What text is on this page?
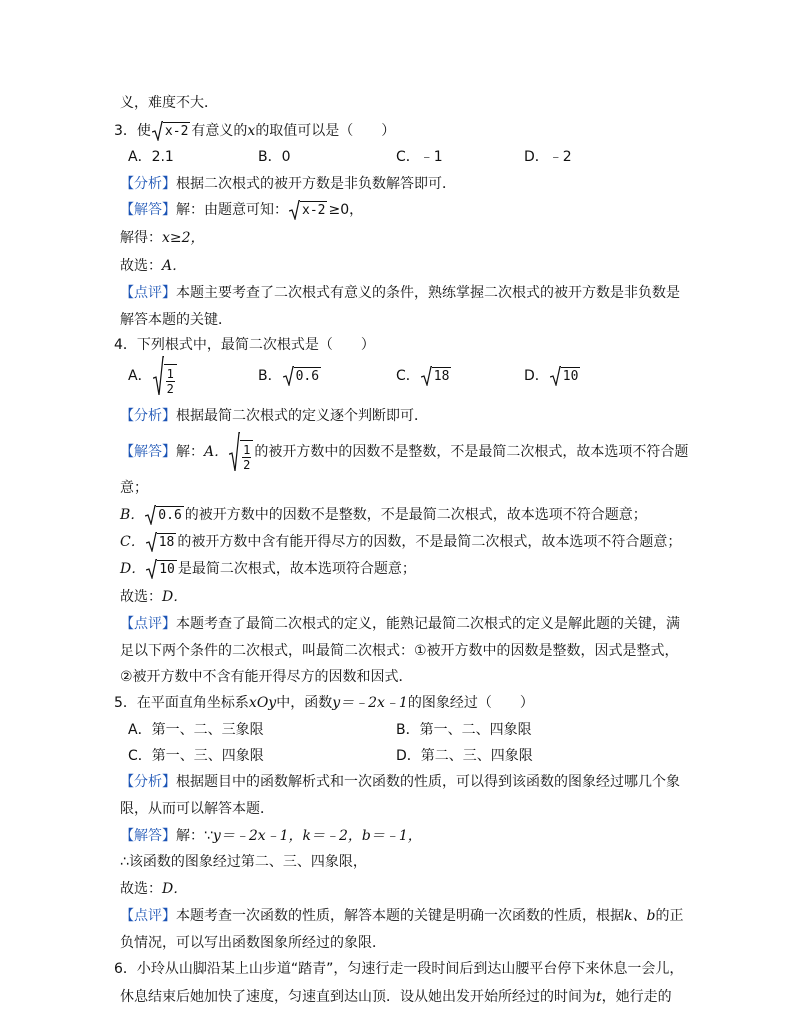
义，难度不大．
3．使 x-2 有意义的x的取值可以是（　　）
A．2.1	B．0	C．﹣1	D．﹣2
【分析】根据二次根式的被开方数是非负数解答即可．
【解答】解：由题意可知： x-2 ≥0，
解得：x≥2，
故选：A．
【点评】本题主要考查了二次根式有意义的条件，熟练掌握二次根式的被开方数是非负数是
解答本题的关键．
4．下列根式中，最简二次根式是（　　）
A． $\frac{1}{2}$	B． 0.6	C． 18	D． 10
【分析】根据最简二次根式的定义逐个判断即可．
【解答】解：A． $\frac{1}{2}$ 的被开方数中的因数不是整数，不是最简二次根式，故本选项不符合题
意；
B． 0.6 的被开方数中的因数不是整数，不是最简二次根式，故本选项不符合题意；
C． 18 的被开方数中含有能开得尽方的因数，不是最简二次根式，故本选项不符合题意；
D． 10 是最简二次根式，故本选项符合题意；
故选：D．
【点评】本题考查了最简二次根式的定义，能熟记最简二次根式的定义是解此题的关键，满
足以下两个条件的二次根式，叫最简二次根式：①被开方数中的因数是整数，因式是整式，
②被开方数中不含有能开得尽方的因数和因式．
5．在平面直角坐标系xOy中，函数y＝﹣2x﹣1的图象经过（　　）
A．第一、二、三象限	B．第一、二、四象限
C．第一、三、四象限	D．第二、三、四象限
【分析】根据题目中的函数解析式和一次函数的性质，可以得到该函数的图象经过哪几个象
限，从而可以解答本题．
【解答】解：∵y＝﹣2x﹣1，k＝﹣2，b＝﹣1，
∴该函数的图象经过第二、三、四象限，
故选：D．
【点评】本题考查一次函数的性质，解答本题的关键是明确一次函数的性质，根据k、b的正
负情况，可以写出函数图象所经过的象限．
6．小玲从山脚沿某上山步道“踏青”，匀速行走一段时间后到达山腰平台停下来休息一会儿，
休息结束后她加快了速度，匀速直到达山顶．设从她出发开始所经过的时间为t，她行走的
